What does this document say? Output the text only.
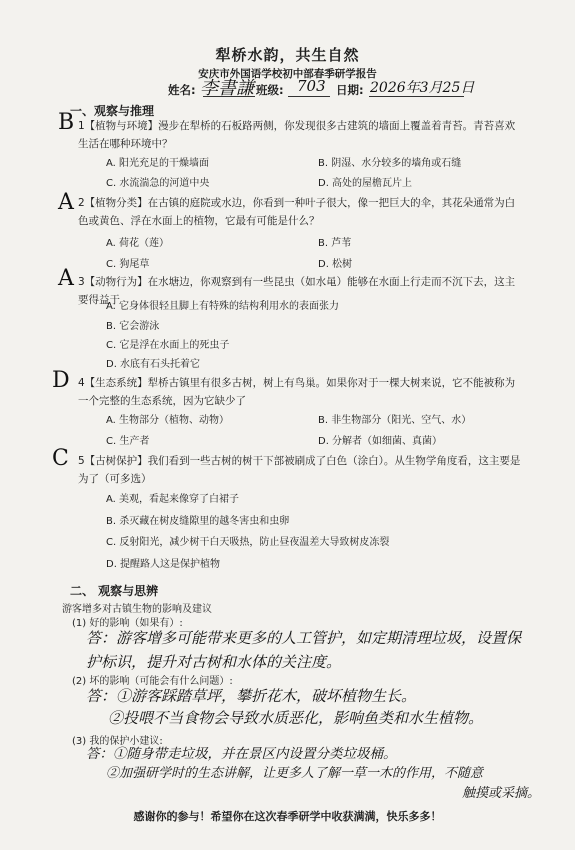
犁桥水韵，共生自然
安庆市外国语学校初中部春季研学报告
姓名: 李書謙 班级: 703 日期: 2026年3月25日
一、观察与推理
B 1【植物与环境】漫步在犁桥的石板路两侧，你发现很多古建筑的墙面上覆盖着青苔。青苔喜欢生活在哪种环境中？
A. 阳光充足的干燥墙面	B. 阴湿、水分较多的墙角或石缝
C. 水流湍急的河道中央	D. 高处的屋檐瓦片上
A 2【植物分类】在古镇的庭院或水边，你看到一种叶子很大，像一把巨大的伞，其花朵通常为白色或黄色、浮在水面上的植物，它最有可能是什么？
A. 荷花（莲）	B. 芦苇
C. 狗尾草	D. 松树
A 3【动物行为】在水塘边，你观察到有一些昆虫（如水黾）能够在水面上行走而不沉下去，这主要得益于
A. 它身体很轻且脚上有特殊的结构利用水的表面张力
B. 它会游泳
C. 它是浮在水面上的死虫子
D. 水底有石头托着它
D 4【生态系统】犁桥古镇里有很多古树，树上有鸟巢。如果你对于一棵大树来说，它不能被称为一个完整的生态系统，因为它缺少了
A. 生物部分（植物、动物）	B. 非生物部分（阳光、空气、水）
C. 生产者	D. 分解者（如细菌、真菌）
C 5【古树保护】我们看到一些古树的树干下部被刷成了白色（涂白）。从生物学角度看，这主要是为了（可多选）
A. 美观，看起来像穿了白裙子
B. 杀灭藏在树皮缝隙里的越冬害虫和虫卵
C. 反射阳光，减少树干白天吸热，防止昼夜温差大导致树皮冻裂
D. 提醒路人这是保护植物
二、 观察与思辨
游客增多对古镇生物的影响及建议
(1) 好的影响（如果有）:
答：游客增多可能带来更多的人工管护，如定期清理垃圾，设置保护标识，提升对古树和水体的关注度。
(2) 坏的影响（可能会有什么问题）:
答：①游客踩踏草坪，攀折花木，破坏植物生长。
②投喂不当食物会导致水质恶化，影响鱼类和水生植物。
(3) 我的保护小建议:
答：①随身带走垃圾，并在景区内设置分类垃圾桶。
②加强研学时的生态讲解，让更多人了解一草一木的作用，不随意
触摸或采摘。
感谢你的参与！希望你在这次春季研学中收获满满，快乐多多！
